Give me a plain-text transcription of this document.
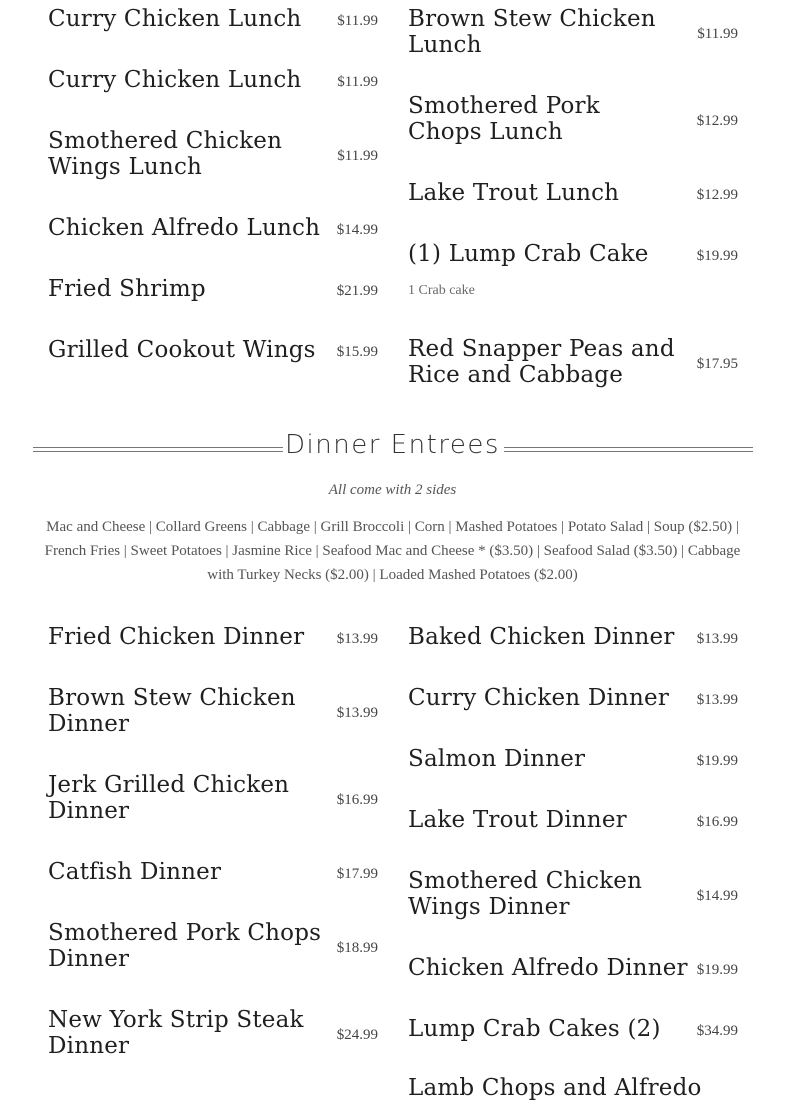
Curry Chicken Lunch	$11.99
Curry Chicken Lunch	$11.99
Smothered Chicken Wings Lunch	$11.99
Chicken Alfredo Lunch	$14.99
Fried Shrimp	$21.99
Grilled Cookout Wings	$15.99
Brown Stew Chicken Lunch	$11.99
Smothered Pork Chops Lunch	$12.99
Lake Trout Lunch	$12.99
(1) Lump Crab Cake	$19.99
1 Crab cake
Red Snapper Peas and Rice and Cabbage	$17.95
Dinner Entrees
All come with 2 sides
Mac and Cheese | Collard Greens | Cabbage | Grill Broccoli | Corn | Mashed Potatoes | Potato Salad | Soup ($2.50) | French Fries | Sweet Potatoes | Jasmine Rice | Seafood Mac and Cheese * ($3.50) | Seafood Salad ($3.50) | Cabbage with Turkey Necks ($2.00) | Loaded Mashed Potatoes ($2.00)
Fried Chicken Dinner	$13.99
Brown Stew Chicken Dinner	$13.99
Jerk Grilled Chicken Dinner	$16.99
Catfish Dinner	$17.99
Smothered Pork Chops Dinner	$18.99
New York Strip Steak Dinner	$24.99
Baked Chicken Dinner	$13.99
Curry Chicken Dinner	$13.99
Salmon Dinner	$19.99
Lake Trout Dinner	$16.99
Smothered Chicken Wings Dinner	$14.99
Chicken Alfredo Dinner $19.99
Lump Crab Cakes (2)	$34.99
Lamb Chops and Alfredo
